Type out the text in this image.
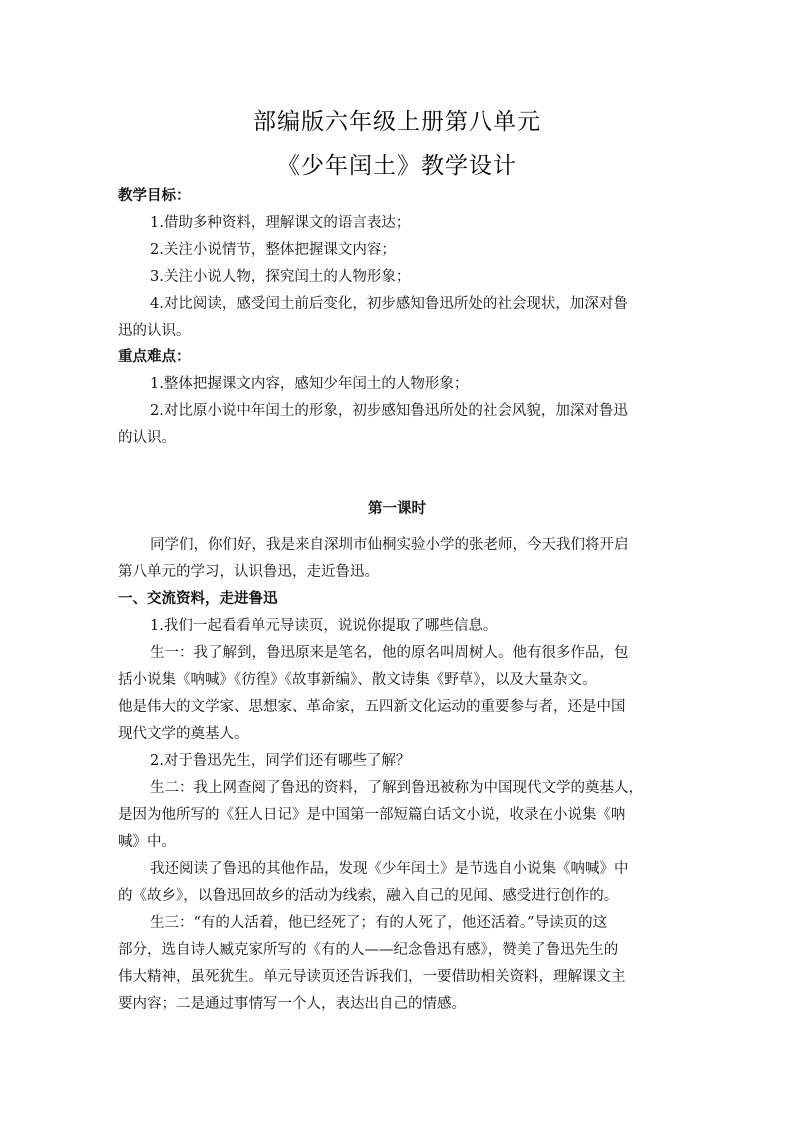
部编版六年级上册第八单元
《少年闰土》教学设计
教学目标：
1.借助多种资料，理解课文的语言表达；
2.关注小说情节，整体把握课文内容；
3.关注小说人物，探究闰土的人物形象；
4.对比阅读，感受闰土前后变化，初步感知鲁迅所处的社会现状，加深对鲁
迅的认识。
重点难点：
1.整体把握课文内容，感知少年闰土的人物形象；
2.对比原小说中年闰土的形象，初步感知鲁迅所处的社会风貌，加深对鲁迅
的认识。
第一课时
同学们，你们好，我是来自深圳市仙桐实验小学的张老师，今天我们将开启
第八单元的学习，认识鲁迅，走近鲁迅。
一、交流资料，走进鲁迅
1.我们一起看看单元导读页，说说你提取了哪些信息。
生一：我了解到，鲁迅原来是笔名，他的原名叫周树人。他有很多作品，包
括小说集《呐喊》《彷徨》《故事新编》、散文诗集《野草》，以及大量杂文。
他是伟大的文学家、思想家、革命家，五四新文化运动的重要参与者，还是中国
现代文学的奠基人。
2.对于鲁迅先生，同学们还有哪些了解？
生二：我上网查阅了鲁迅的资料，了解到鲁迅被称为中国现代文学的奠基人，
是因为他所写的《狂人日记》是中国第一部短篇白话文小说，收录在小说集《呐
喊》中。
我还阅读了鲁迅的其他作品，发现《少年闰土》是节选自小说集《呐喊》中
的《故乡》，以鲁迅回故乡的活动为线索，融入自己的见闻、感受进行创作的。
生三：“有的人活着，他已经死了；有的人死了，他还活着。”导读页的这
部分，选自诗人臧克家所写的《有的人——纪念鲁迅有感》，赞美了鲁迅先生的
伟大精神，虽死犹生。单元导读页还告诉我们，一要借助相关资料，理解课文主
要内容；二是通过事情写一个人，表达出自己的情感。
